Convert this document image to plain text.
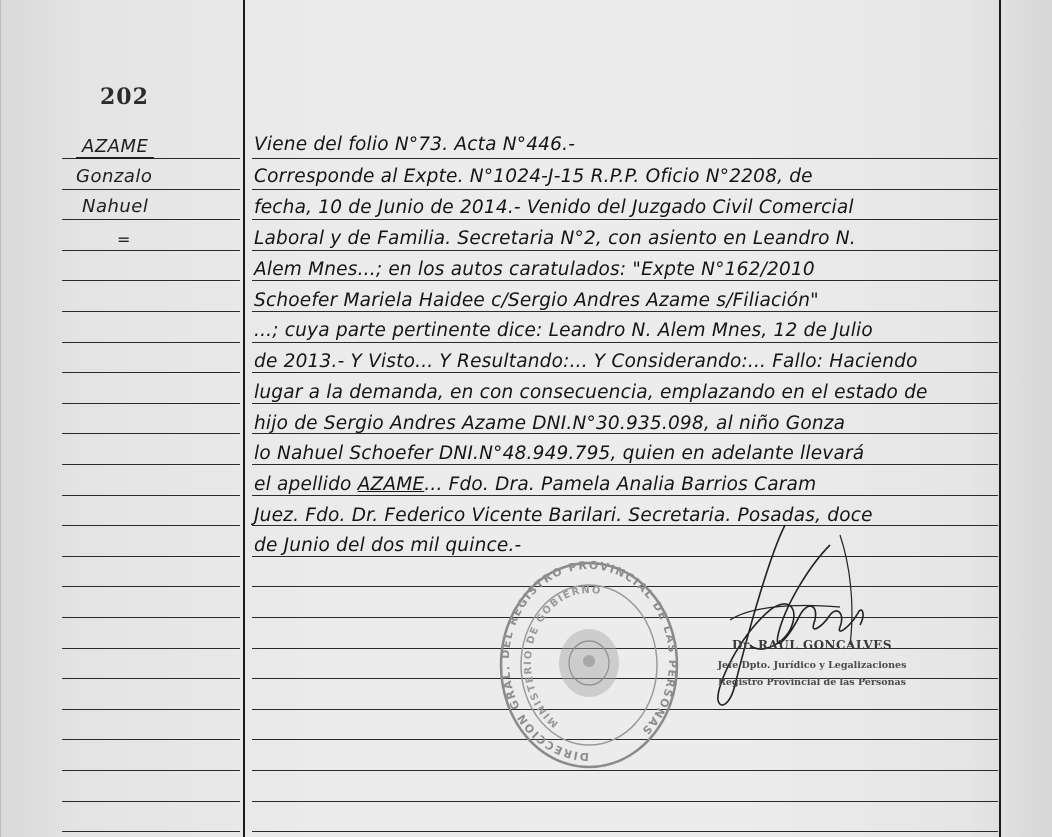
202
AZAME
Gonzalo
Nahuel
=
Viene del folio N°73. Acta N°446.-
Corresponde al Expte. N°1024-J-15 R.P.P. Oficio N°2208, de
fecha, 10 de Junio de 2014.- Venido del Juzgado Civil Comercial
Laboral y de Familia. Secretaria N°2, con asiento en Leandro N.
Alem Mnes...; en los autos caratulados: "Expte N°162/2010
Schoefer Mariela Haidee c/Sergio Andres Azame s/Filiación"
...; cuya parte pertinente dice: Leandro N. Alem Mnes, 12 de Julio
de 2013.- Y Visto... Y Resultando:... Y Considerando:... Fallo: Haciendo
lugar a la demanda, en con consecuencia, emplazando en el estado de
hijo de Sergio Andres Azame DNI.N°30.935.098, al niño Gonza
lo Nahuel Schoefer DNI.N°48.949.795, quien en adelante llevará
el apellido AZAME... Fdo. Dra. Pamela Analia Barrios Caram
Juez. Fdo. Dr. Federico Vicente Barilari. Secretaria. Posadas, doce
de Junio del dos mil quince.-
DIRECCION GRAL. DEL REGISTRO PROVINCIAL DE LAS PERSONAS
MINISTERIO DE GOBIERNO
Dr. RAUL GONCALVES
Jefe Dpto. Jurídico y Legalizaciones
Registro Provincial de las Personas
